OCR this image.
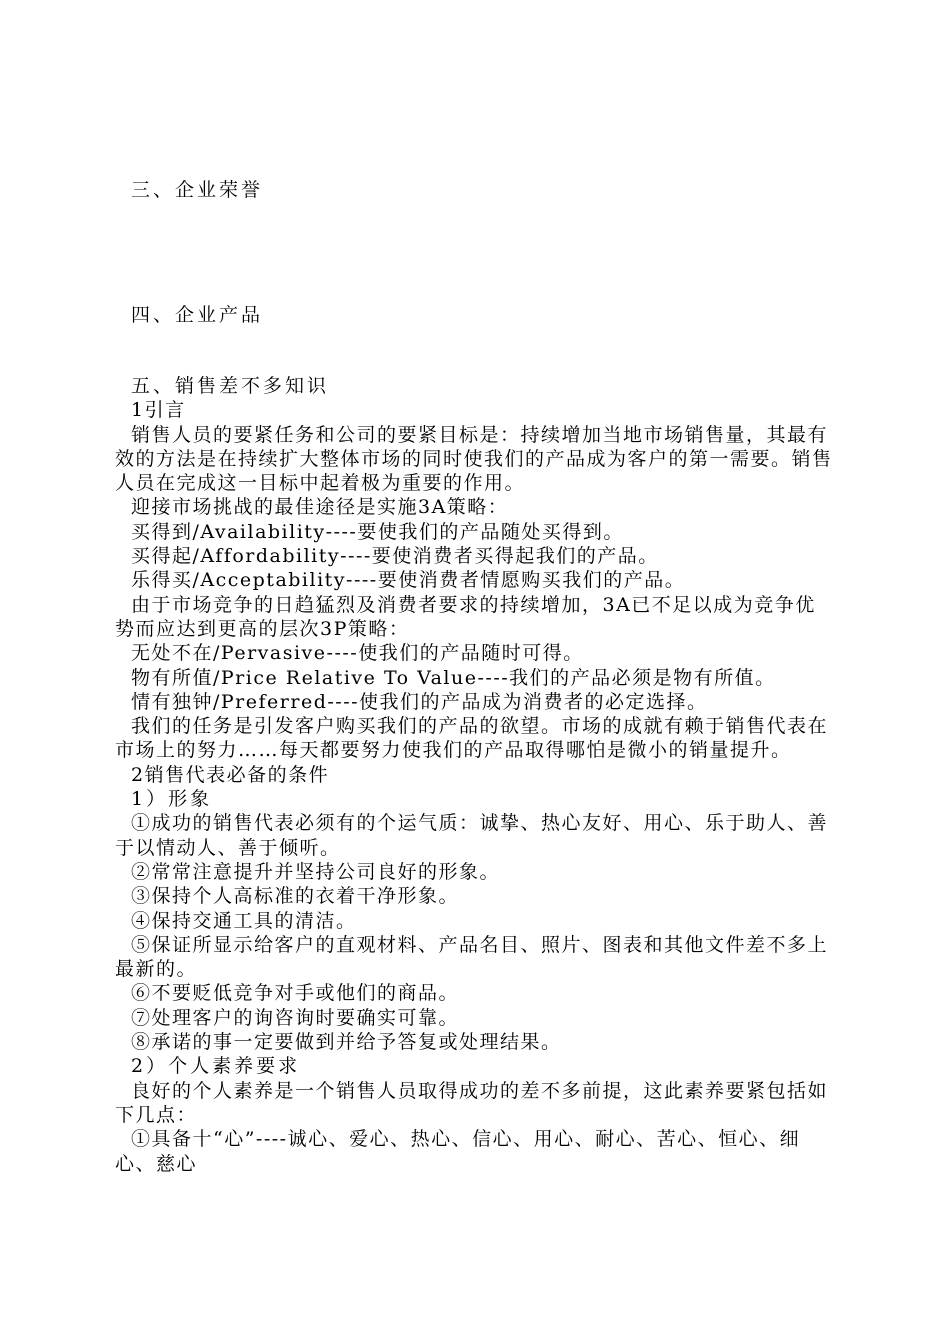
三、企业荣誉
四、企业产品

五、销售差不多知识

1引言

销售人员的要紧任务和公司的要紧目标是：持续增加当地市场销售量，其最有效的方法是在持续扩大整体市场的同时使我们的产品成为客户的第一需要。销售人员在完成这一目标中起着极为重要的作用。

迎接市场挑战的最佳途径是实施3A策略：

买得到/Availability----要使我们的产品随处买得到。

买得起/Affordability----要使消费者买得起我们的产品。

乐得买/Acceptability----要使消费者情愿购买我们的产品。

由于市场竞争的日趋猛烈及消费者要求的持续增加，3A已不足以成为竞争优势而应达到更高的层次3P策略：

无处不在/Pervasive----使我们的产品随时可得。

物有所值/Price Relative To Value----我们的产品必须是物有所值。

情有独钟/Preferred----使我们的产品成为消费者的必定选择。

我们的任务是引发客户购买我们的产品的欲望。市场的成就有赖于销售代表在市场上的努力……每天都要努力使我们的产品取得哪怕是微小的销量提升。

2销售代表必备的条件

1）形象

①成功的销售代表必须有的个运气质：诚挚、热心友好、用心、乐于助人、善于以情动人、善于倾听。

②常常注意提升并坚持公司良好的形象。

③保持个人高标准的衣着干净形象。

④保持交通工具的清洁。

⑤保证所显示给客户的直观材料、产品名目、照片、图表和其他文件差不多上最新的。

⑥不要贬低竞争对手或他们的商品。

⑦处理客户的询咨询时要确实可靠。

⑧承诺的事一定要做到并给予答复或处理结果。

2）个人素养要求

良好的个人素养是一个销售人员取得成功的差不多前提，这此素养要紧包括如下几点：

①具备十“心”----诚心、爱心、热心、信心、用心、耐心、苦心、恒心、细心、慈心
